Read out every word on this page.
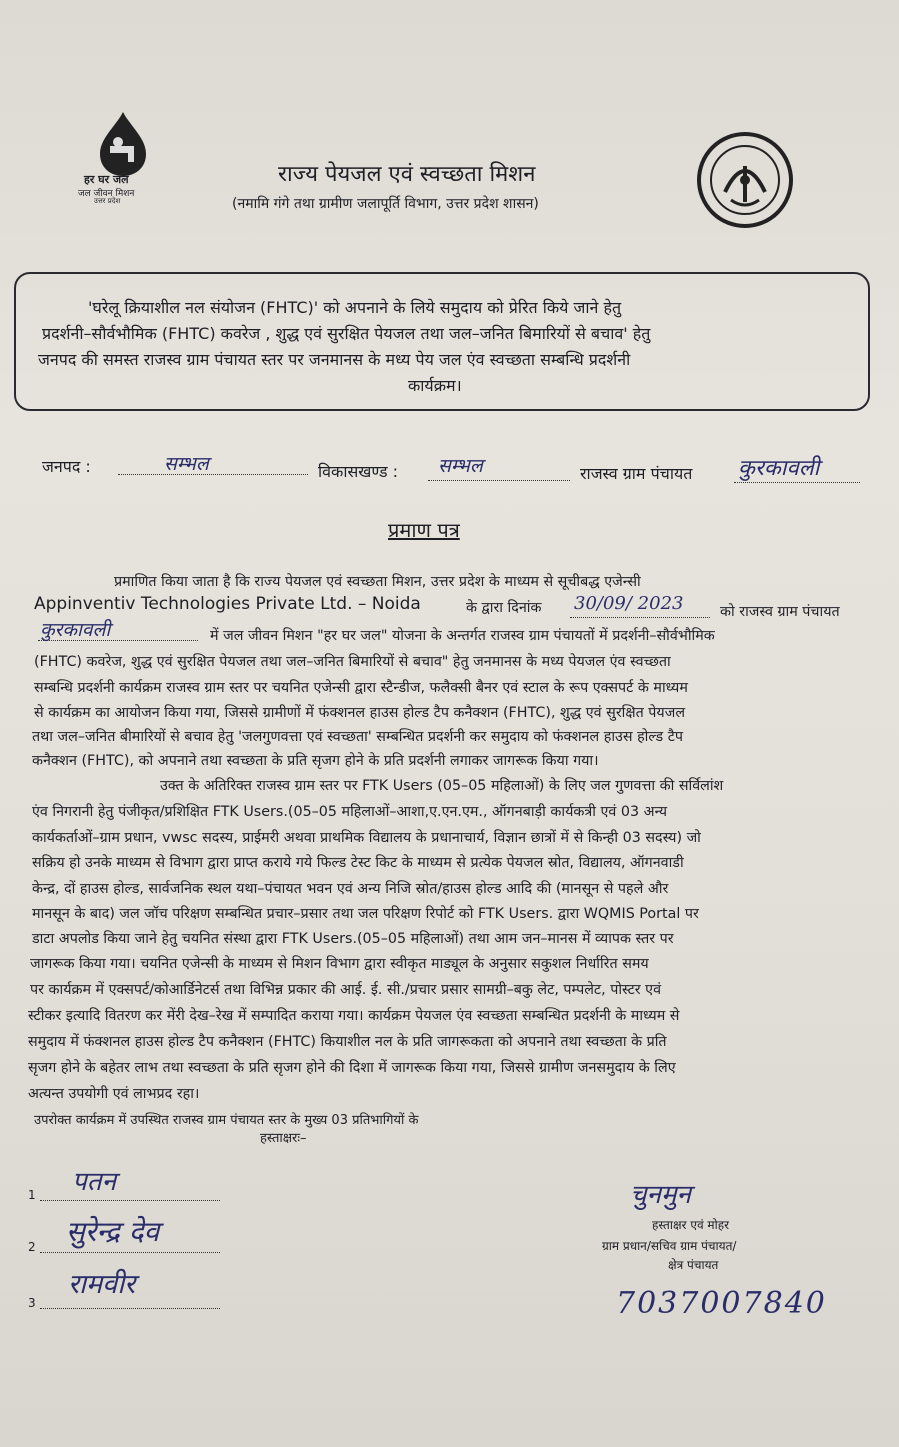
हर घर जल
जल जीवन मिशन
उत्तर प्रदेश
राज्य पेयजल एवं स्वच्छता मिशन
(नमामि गंगे तथा ग्रामीण जलापूर्ति विभाग, उत्तर प्रदेश शासन)
'घरेलू क्रियाशील नल संयोजन (FHTC)' को अपनाने के लिये समुदाय को प्रेरित किये जाने हेतु
प्रदर्शनी–सौर्वभौमिक (FHTC) कवरेज , शुद्ध एवं सुरक्षित पेयजल तथा जल–जनित बिमारियों से बचाव' हेतु
जनपद की समस्त राजस्व ग्राम पंचायत स्तर पर जनमानस के मध्य पेय जल एंव स्वच्छता सम्बन्धि प्रदर्शनी
कार्यक्रम।
जनपद :	सम्भल	विकासखण्ड : सम्भल	राजस्व ग्राम पंचायत कुरकावली
प्रमाण पत्र
प्रमाणित किया जाता है कि राज्य पेयजल एवं स्वच्छता मिशन, उत्तर प्रदेश के माध्यम से सूचीबद्ध एजेन्सी
Appinventiv Technologies Private Ltd. – Noida	के द्वारा दिनांक 30/09/ 2023	को राजस्व ग्राम पंचायत
कुरकावली	में जल जीवन मिशन "हर घर जल" योजना के अन्तर्गत राजस्व ग्राम पंचायतों में प्रदर्शनी–सौर्वभौमिक
(FHTC) कवरेज, शुद्ध एवं सुरक्षित पेयजल तथा जल–जनित बिमारियों से बचाव" हेतु जनमानस के मध्य पेयजल एंव स्वच्छता
सम्बन्धि प्रदर्शनी कार्यक्रम राजस्व ग्राम स्तर पर चयनित एजेन्सी द्वारा स्टैन्डीज, फलैक्सी बैनर एवं स्टाल के रूप एक्सपर्ट के माध्यम
से कार्यक्रम का आयोजन किया गया, जिससे ग्रामीणों में फंक्शनल हाउस होल्ड टैप कनैक्शन (FHTC), शुद्ध एवं सुरक्षित पेयजल
तथा जल–जनित बीमारियों से बचाव हेतु 'जलगुणवत्ता एवं स्वच्छता' सम्बन्धित प्रदर्शनी कर समुदाय को फंक्शनल हाउस होल्ड टैप
कनैक्शन (FHTC), को अपनाने तथा स्वच्छता के प्रति सृजग होने के प्रति प्रदर्शनी लगाकर जागरूक किया गया।
उक्त के अतिरिक्त राजस्व ग्राम स्तर पर FTK Users (05–05 महिलाओं) के लिए जल गुणवत्ता की सर्विलांश
एंव निगरानी हेतु पंजीकृत/प्रशिक्षित FTK Users.(05–05 महिलाओं–आशा,ए.एन.एम., ऑगनबाड़ी कार्यकत्री एवं 03 अन्य
कार्यकर्ताओं–ग्राम प्रधान, vwsc सदस्य, प्राईमरी अथवा प्राथमिक विद्यालय के प्रधानाचार्य, विज्ञान छात्रों में से किन्ही 03 सदस्य) जो
सक्रिय हो उनके माध्यम से विभाग द्वारा प्राप्त कराये गये फिल्ड टेस्ट किट के माध्यम से प्रत्येक पेयजल स्रोत, विद्यालय, ऑगनवाडी
केन्द्र, दों हाउस होल्ड, सार्वजनिक स्थल यथा–पंचायत भवन एवं अन्य निजि स्रोत/हाउस होल्ड आदि की (मानसून से पहले और
मानसून के बाद) जल जॉच परिक्षण सम्बन्धित प्रचार–प्रसार तथा जल परिक्षण रिपोर्ट को FTK Users. द्वारा WQMIS Portal पर
डाटा अपलोड किया जाने हेतु चयनित संस्था द्वारा FTK Users.(05–05 महिलाओं) तथा आम जन–मानस में व्यापक स्तर पर
जागरूक किया गया। चयनित एजेन्सी के माध्यम से मिशन विभाग द्वारा स्वीकृत माड्यूल के अनुसार सकुशल निर्धारित समय
पर कार्यक्रम में एक्सपर्ट/कोआर्डिनेटर्स तथा विभिन्न प्रकार की आई. ई. सी./प्रचार प्रसार सामग्री–बकु लेट, पम्पलेट, पोस्टर एवं
स्टीकर इत्यादि वितरण कर मेंरी देख–रेख में सम्पादित कराया गया। कार्यक्रम पेयजल एंव स्वच्छता सम्बन्धित प्रदर्शनी के माध्यम से
समुदाय में फंक्शनल हाउस होल्ड टैप कनैक्शन (FHTC) कियाशील नल के प्रति जागरूकता को अपनाने तथा स्वच्छता के प्रति
सृजग होने के बहेतर लाभ तथा स्वच्छता के प्रति सृजग होने की दिशा में जागरूक किया गया, जिससे ग्रामीण जनसमुदाय के लिए
अत्यन्त उपयोगी एवं लाभप्रद रहा।
उपरोक्त कार्यक्रम में उपस्थित राजस्व ग्राम पंचायत स्तर के मुख्य 03 प्रतिभागियों के
हस्ताक्षरः–
1 पतन
2 सुरेन्द्र देव
3
रामवीर
चुनमुन
हस्ताक्षर एवं मोहर
ग्राम प्रधान/सचिव ग्राम पंचायत/
क्षेत्र पंचायत
7037007840
